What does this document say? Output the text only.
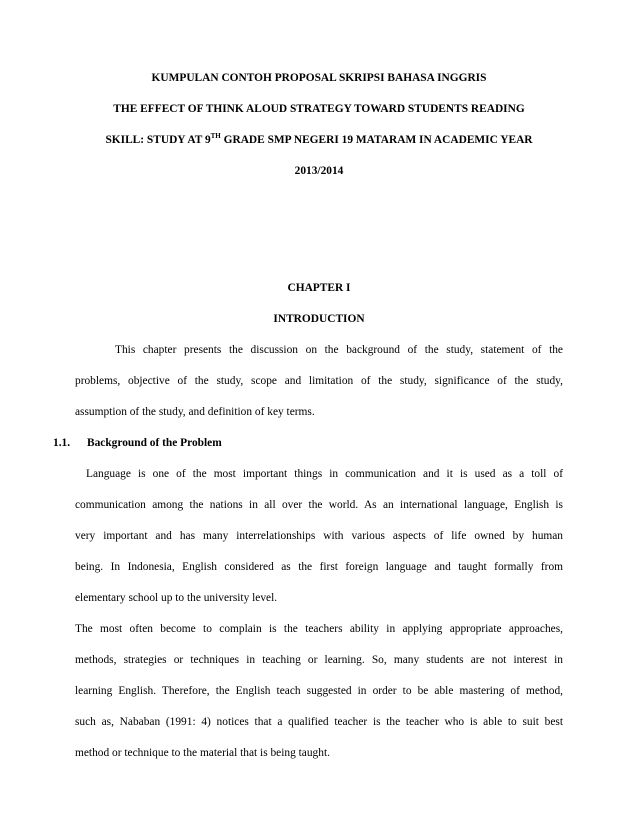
KUMPULAN CONTOH PROPOSAL SKRIPSI BAHASA INGGRIS
THE EFFECT OF THINK ALOUD STRATEGY TOWARD STUDENTS READING
SKILL: STUDY AT 9TH GRADE SMP NEGERI 19 MATARAM IN ACADEMIC YEAR
2013/2014
CHAPTER I
INTRODUCTION
This chapter presents the discussion on the background of the study, statement of the
problems, objective of the study, scope and limitation of the study, significance of the study,
assumption of the study, and definition of key terms.
1.1. Background of the Problem
Language is one of the most important things in communication and it is used as a toll of
communication among the nations in all over the world. As an international language, English is
very important and has many interrelationships with various aspects of life owned by human
being. In Indonesia, English considered as the first foreign language and taught formally from
elementary school up to the university level.
The most often become to complain is the teachers ability in applying appropriate approaches,
methods, strategies or techniques in teaching or learning. So, many students are not interest in
learning English. Therefore, the English teach suggested in order to be able mastering of method,
such as, Nababan (1991: 4) notices that a qualified teacher is the teacher who is able to suit best
method or technique to the material that is being taught.
